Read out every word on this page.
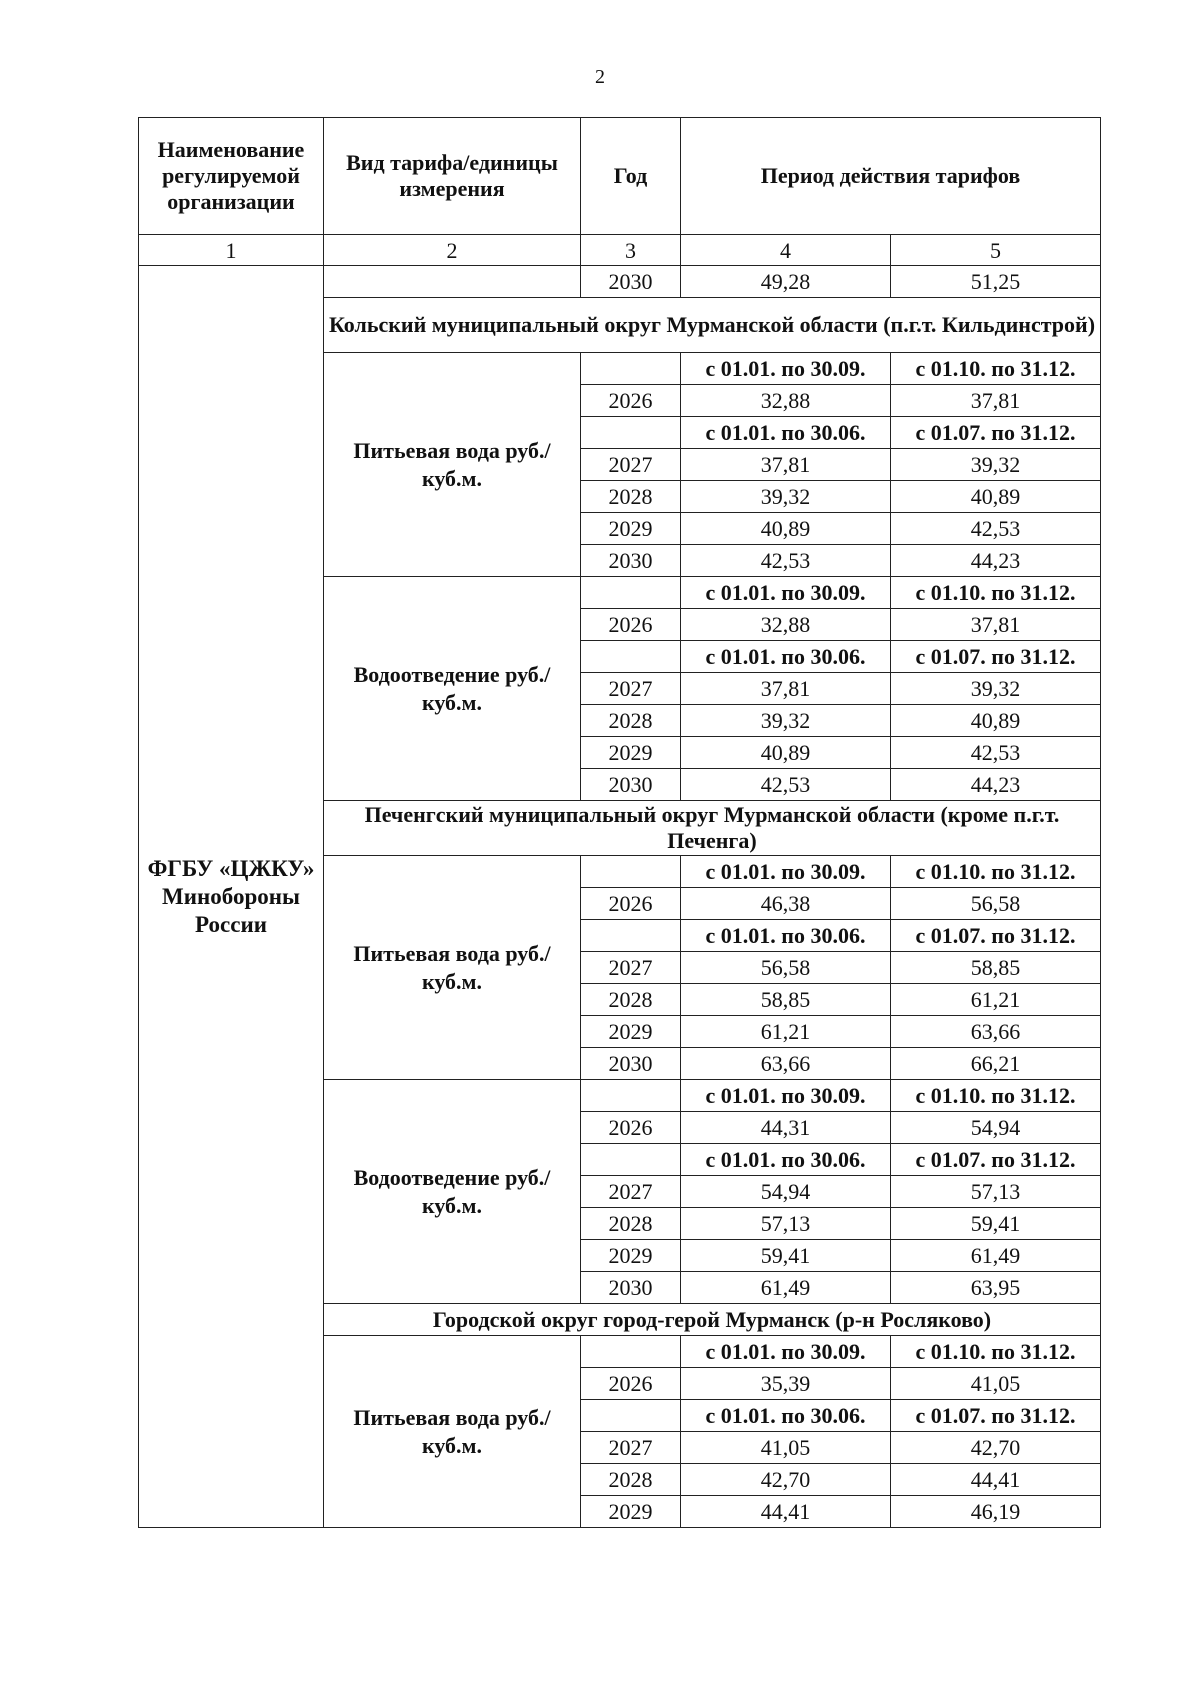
2
Наименование регулируемой организации	Вид тарифа/единицы измерения	Год	Период действия тарифов	
1	2	3	4	5
ФГБУ «ЦЖКУ» Минобороны России		2030	49,28	51,25
	Кольский муниципальный округ Мурманской области (п.г.т. Кильдинстрой)			
	Питьевая вода руб./куб.м.		с 01.01. по 30.09.	с 01.10. по 31.12.
		2026	32,88	37,81
			с 01.01. по 30.06.	с 01.07. по 31.12.
		2027	37,81	39,32
		2028	39,32	40,89
		2029	40,89	42,53
		2030	42,53	44,23
	Водоотведение руб./куб.м.		с 01.01. по 30.09.	с 01.10. по 31.12.
		2026	32,88	37,81
			с 01.01. по 30.06.	с 01.07. по 31.12.
		2027	37,81	39,32
		2028	39,32	40,89
		2029	40,89	42,53
		2030	42,53	44,23
	Печенгский муниципальный округ Мурманской области (кроме п.г.т. Печенга)			
	Питьевая вода руб./куб.м.		с 01.01. по 30.09.	с 01.10. по 31.12.
		2026	46,38	56,58
			с 01.01. по 30.06.	с 01.07. по 31.12.
		2027	56,58	58,85
		2028	58,85	61,21
		2029	61,21	63,66
		2030	63,66	66,21
	Водоотведение руб./куб.м.		с 01.01. по 30.09.	с 01.10. по 31.12.
		2026	44,31	54,94
			с 01.01. по 30.06.	с 01.07. по 31.12.
		2027	54,94	57,13
		2028	57,13	59,41
		2029	59,41	61,49
		2030	61,49	63,95
	Городской округ город-герой Мурманск (р-н Росляково)			
	Питьевая вода руб./куб.м.		с 01.01. по 30.09.	с 01.10. по 31.12.
		2026	35,39	41,05
			с 01.01. по 30.06.	с 01.07. по 31.12.
		2027	41,05	42,70
		2028	42,70	44,41
		2029	44,41	46,19
